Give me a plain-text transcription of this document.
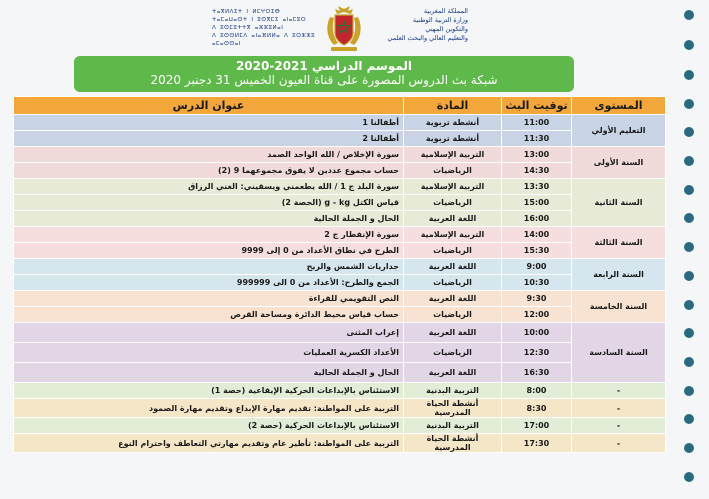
ⵜⴰⴳⵍⴷⵉⵜ ⵏ ⵍⵎⵖⵔⵉⴱ
ⵜⴰⵎⴰⵡⴰⵙⵜ ⵏ ⵓⵙⴳⵎⵉ ⴰⵏⴰⵎⵓⵔ
ⴷ ⵓⵙⵎⵓⵜⵜⴳ ⴰⵣⵣⵓⵍⴰⵏ
ⴷ ⵓⵙⵙⵍⵎⴷ ⴰⵏⴰⴼⵍⵍⴰ ⴷ ⵓⵔⵣⵣⵓ ⴰⵎⴰⵙⵙⴰⵏ
المملكة المغربية
وزارة التربية الوطنية
والتكوين المهني
والتعليم العالي والبحث العلمي
الموسم الدراسي 2021-2020
شبكة بث الدروس المصورة على قناة العيون الخميس 31 دجنبر 2020
المستوى	توقيت البث	المادة	عنوان الدرس
التعليم الأولي	11:00	أنشطة تربوية	أطفالنا 1
	11:30	أنشطة تربوية	أطفالنا 2
السنة الأولى	13:00	التربية الإسلامية	سورة الإخلاص / الله الواحد الصمد
	14:30	الرياضيات	حساب مجموع عددين لا يفوق مجموعهما 9 (2)
السنة الثانية	13:30	التربية الإسلامية	سورة البلد ج 1 / الله يطعمني ويسقيني: الغني الرزاق
	15:00	الرياضيات	قياس الكتل g - kg (الحصة 2)
	16:00	اللغة العربية	الحال و الجملة الحالية
السنة الثالثة	14:00	التربية الإسلامية	سورة الإنفطار ج 2
	15:30	الرياضيات	الطرح في نطاق الأعداد من 0 إلى 9999
السنة الرابعة	9:00	اللغة العربية	جداريات الشمس والريح
	10:30	الرياضيات	الجمع والطرح: الأعداد من 0 الى 999999
السنة الخامسة	9:30	اللغة العربية	النص التقويمي للقراءة
	12:00	الرياضيات	حساب قياس محيط الدائرة ومساحة القرص
السنة السادسة	10:00	اللغة العربية	إعراب المثنى
	12:30	الرياضيات	الأعداد الكسرية العمليات
	16:30	اللغة العربية	الحال و الجملة الحالية
-	8:00	التربية البدنية	الاستئناس بالإبداعات الحركية الإيقاعية (حصة 1)
-	8:30	أنشطة الحياة المدرسية	التربية على المواطنة: تقديم مهارة الإبداع وتقديم مهارة الصمود
-	17:00	التربية البدنية	الاستئناس بالإبداعات الحركية (حصة 2)
-	17:30	أنشطة الحياة المدرسية	التربية على المواطنة: تأطير عام وتقديم مهارتي التعاطف واحترام النوع
